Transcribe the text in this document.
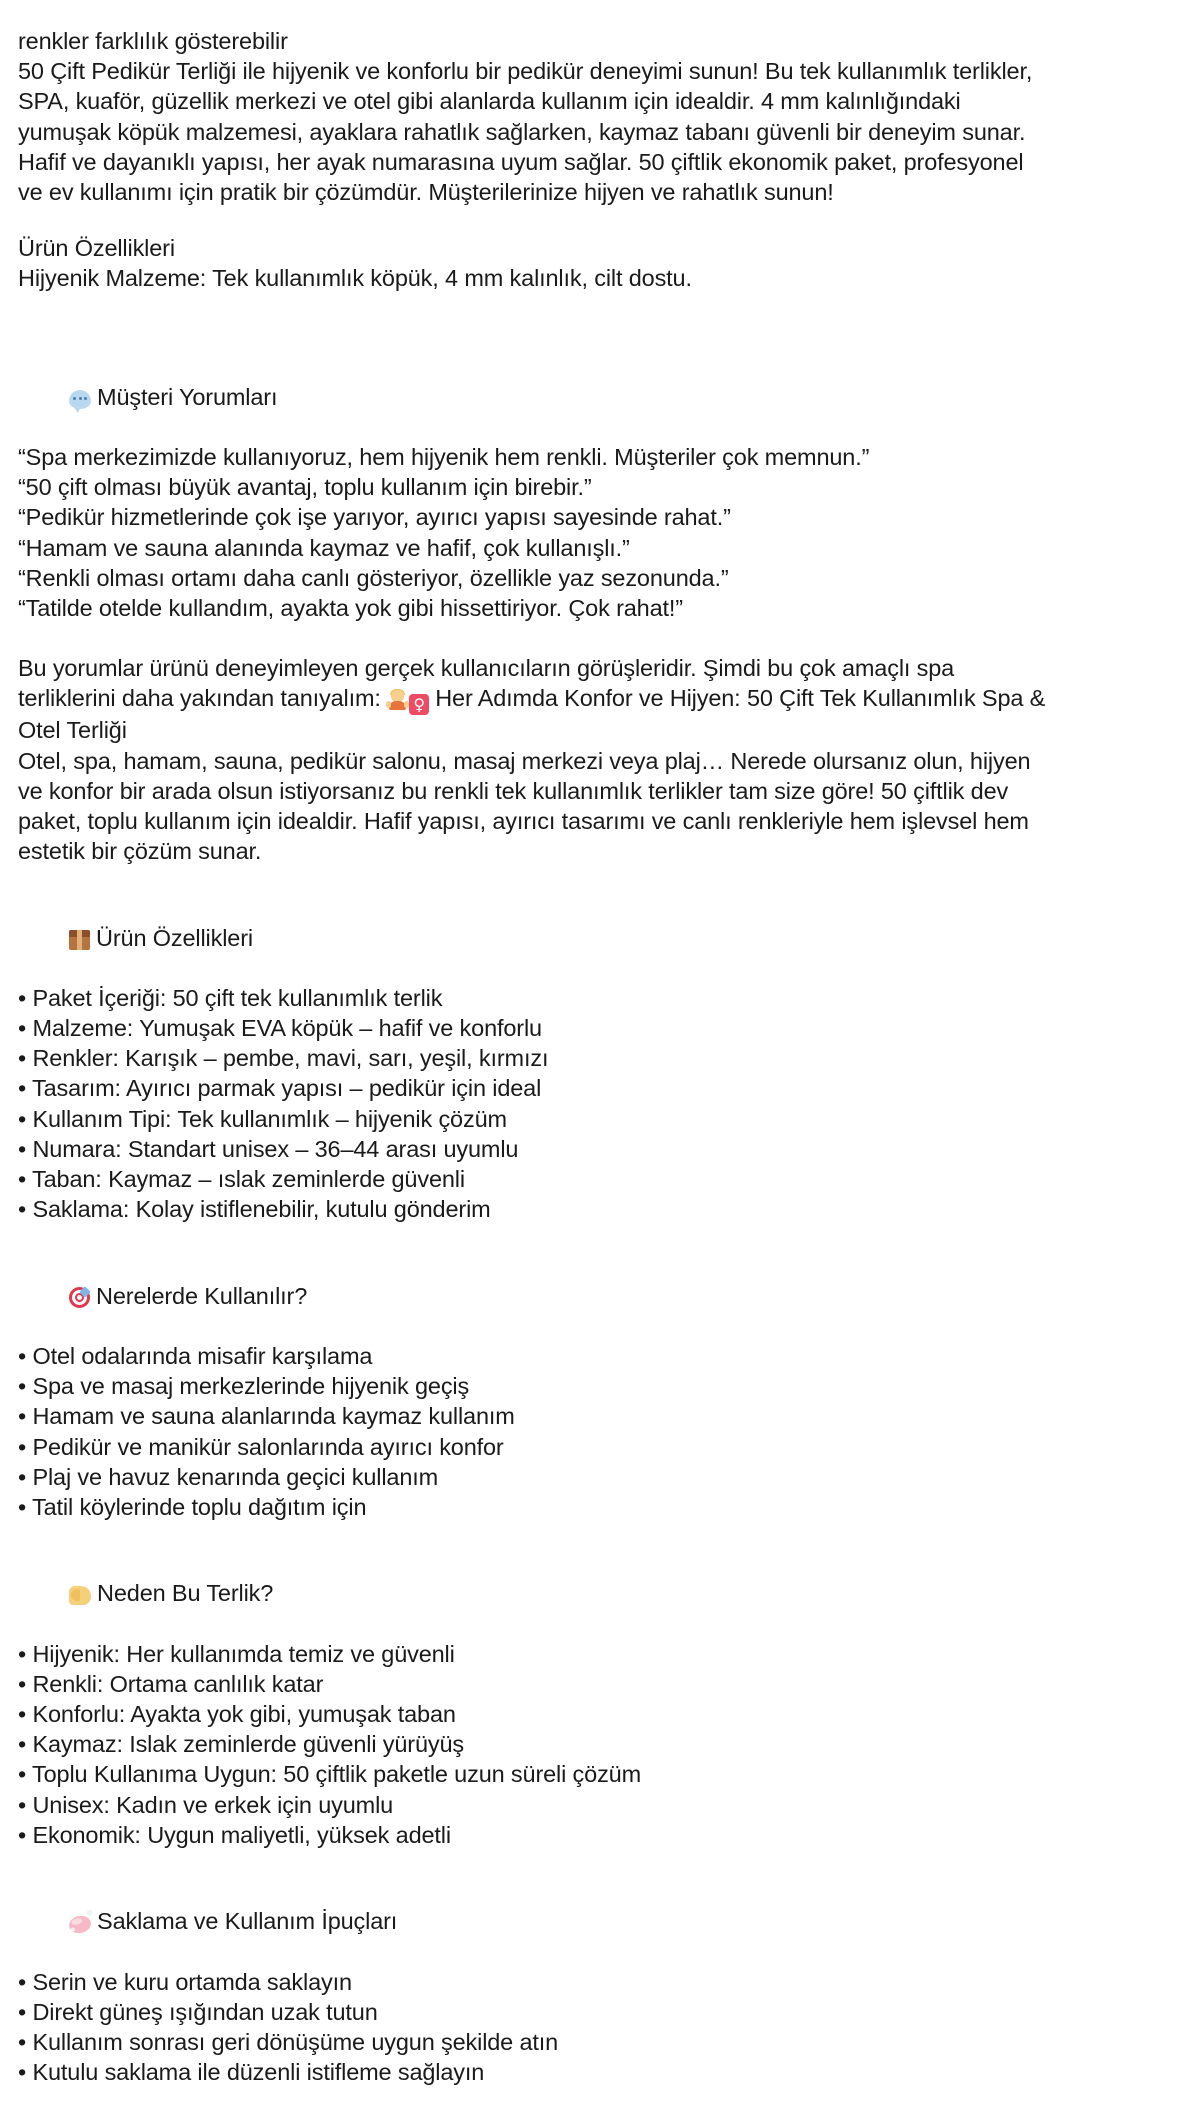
renkler farklılık gösterebilir
50 Çift Pedikür Terliği ile hijyenik ve konforlu bir pedikür deneyimi sunun! Bu tek kullanımlık terlikler, SPA, kuaför, güzellik merkezi ve otel gibi alanlarda kullanım için idealdir. 4 mm kalınlığındaki yumuşak köpük malzemesi, ayaklara rahatlık sağlarken, kaymaz tabanı güvenli bir deneyim sunar. Hafif ve dayanıklı yapısı, her ayak numarasına uyum sağlar. 50 çiftlik ekonomik paket, profesyonel ve ev kullanımı için pratik bir çözümdür. Müşterilerinize hijyen ve rahatlık sunun!
Ürün Özellikleri
Hijyenik Malzeme: Tek kullanımlık köpük, 4 mm kalınlık, cilt dostu.

Müşteri Yorumları

“Spa merkezimizde kullanıyoruz, hem hijyenik hem renkli. Müşteriler çok memnun.”
“50 çift olması büyük avantaj, toplu kullanım için birebir.”
“Pedikür hizmetlerinde çok işe yarıyor, ayırıcı yapısı sayesinde rahat.”
“Hamam ve sauna alanında kaymaz ve hafif, çok kullanışlı.”
“Renkli olması ortamı daha canlı gösteriyor, özellikle yaz sezonunda.”
“Tatilde otelde kullandım, ayakta yok gibi hissettiriyor. Çok rahat!”
Bu yorumlar ürünü deneyimleyen gerçek kullanıcıların görüşleridir. Şimdi bu çok amaçlı spa terliklerini daha yakından tanıyalım: ♀ Her Adımda Konfor ve Hijyen: 50 Çift Tek Kullanımlık Spa & Otel Terliği
Otel, spa, hamam, sauna, pedikür salonu, masaj merkezi veya plaj… Nerede olursanız olun, hijyen ve konfor bir arada olsun istiyorsanız bu renkli tek kullanımlık terlikler tam size göre! 50 çiftlik dev paket, toplu kullanım için idealdir. Hafif yapısı, ayırıcı tasarımı ve canlı renkleriyle hem işlevsel hem estetik bir çözüm sunar.

Ürün Özellikleri

• Paket İçeriği: 50 çift tek kullanımlık terlik
• Malzeme: Yumuşak EVA köpük – hafif ve konforlu
• Renkler: Karışık – pembe, mavi, sarı, yeşil, kırmızı
• Tasarım: Ayırıcı parmak yapısı – pedikür için ideal
• Kullanım Tipi: Tek kullanımlık – hijyenik çözüm
• Numara: Standart unisex – 36–44 arası uyumlu
• Taban: Kaymaz – ıslak zeminlerde güvenli
• Saklama: Kolay istiflenebilir, kutulu gönderim

Nerelerde Kullanılır?

• Otel odalarında misafir karşılama
• Spa ve masaj merkezlerinde hijyenik geçiş
• Hamam ve sauna alanlarında kaymaz kullanım
• Pedikür ve manikür salonlarında ayırıcı konfor
• Plaj ve havuz kenarında geçici kullanım
• Tatil köylerinde toplu dağıtım için

Neden Bu Terlik?

• Hijyenik: Her kullanımda temiz ve güvenli
• Renkli: Ortama canlılık katar
• Konforlu: Ayakta yok gibi, yumuşak taban
• Kaymaz: Islak zeminlerde güvenli yürüyüş
• Toplu Kullanıma Uygun: 50 çiftlik paketle uzun süreli çözüm
• Unisex: Kadın ve erkek için uyumlu
• Ekonomik: Uygun maliyetli, yüksek adetli

Saklama ve Kullanım İpuçları

• Serin ve kuru ortamda saklayın
• Direkt güneş ışığından uzak tutun
• Kullanım sonrası geri dönüşüme uygun şekilde atın
• Kutulu saklama ile düzenli istifleme sağlayın
